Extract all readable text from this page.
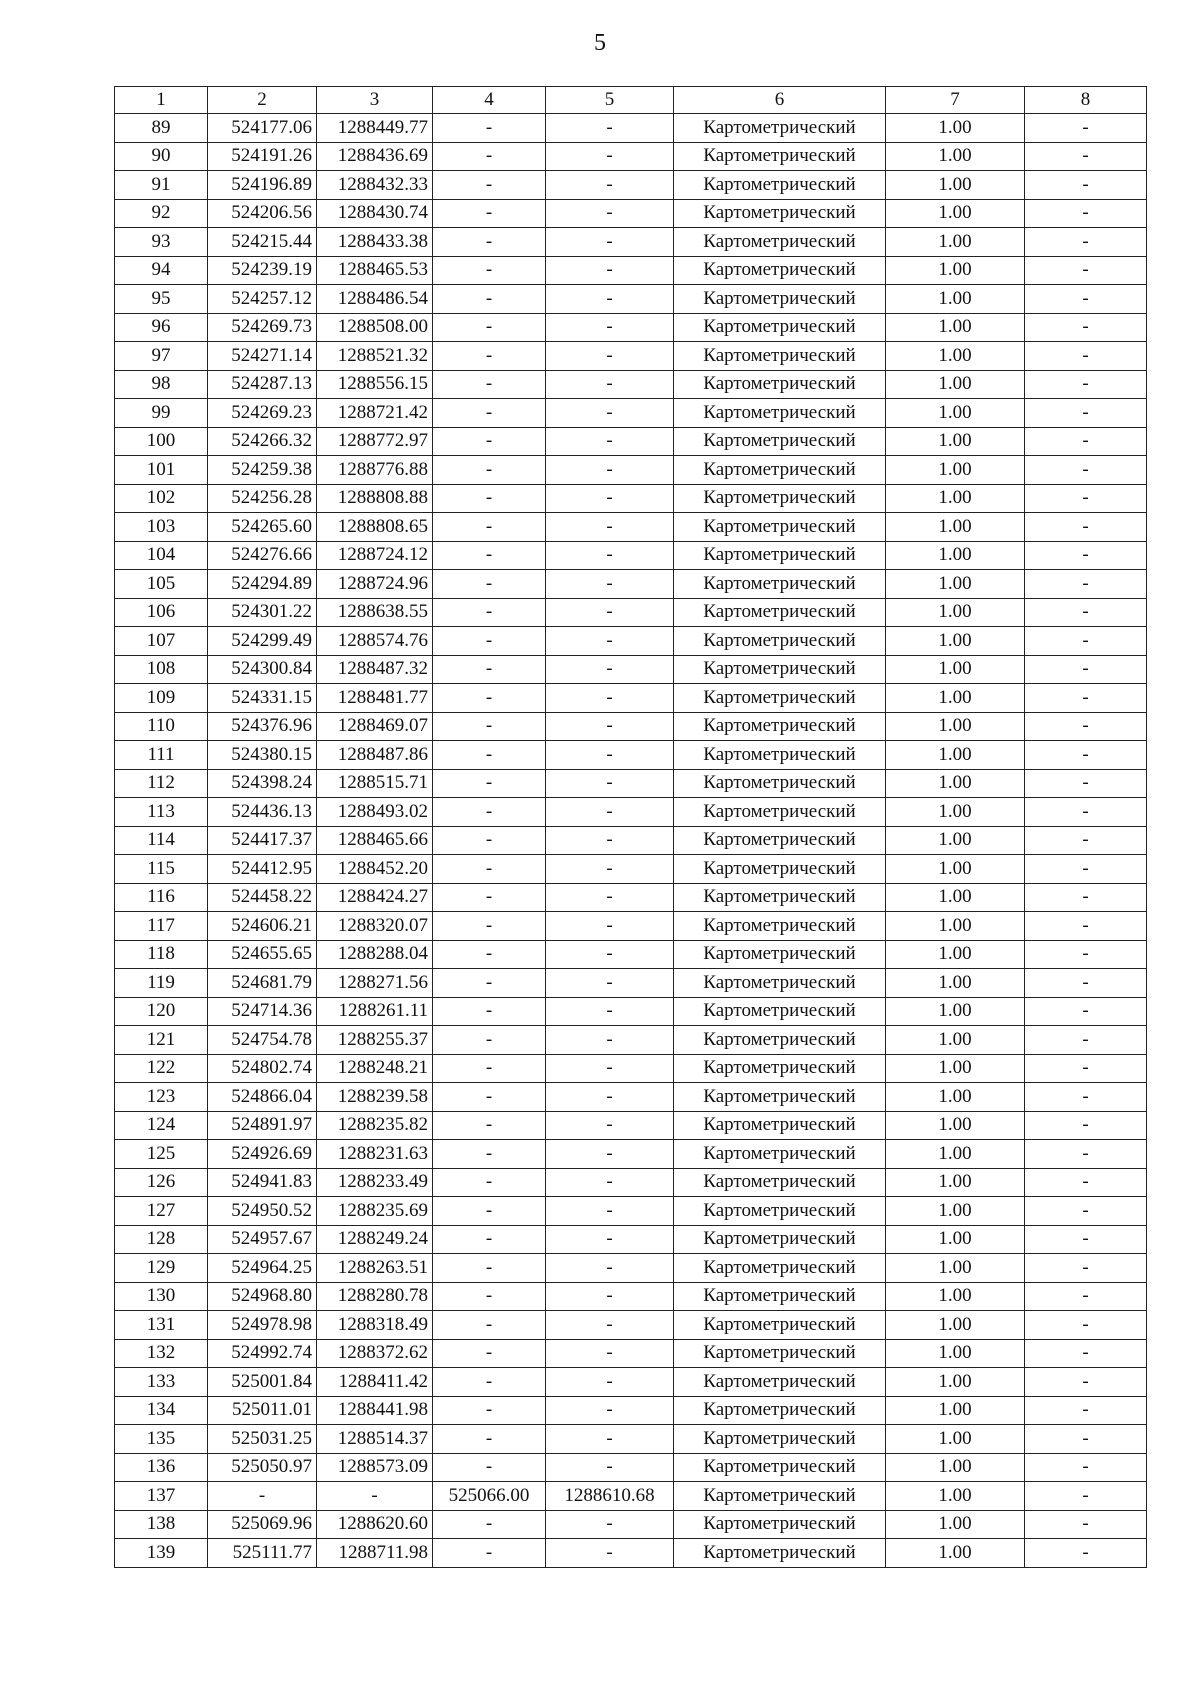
5
1	2	3	4	5	6	7	8
89	524177.06	1288449.77	-	-	Картометрический	1.00	-
90	524191.26	1288436.69	-	-	Картометрический	1.00	-
91	524196.89	1288432.33	-	-	Картометрический	1.00	-
92	524206.56	1288430.74	-	-	Картометрический	1.00	-
93	524215.44	1288433.38	-	-	Картометрический	1.00	-
94	524239.19	1288465.53	-	-	Картометрический	1.00	-
95	524257.12	1288486.54	-	-	Картометрический	1.00	-
96	524269.73	1288508.00	-	-	Картометрический	1.00	-
97	524271.14	1288521.32	-	-	Картометрический	1.00	-
98	524287.13	1288556.15	-	-	Картометрический	1.00	-
99	524269.23	1288721.42	-	-	Картометрический	1.00	-
100	524266.32	1288772.97	-	-	Картометрический	1.00	-
101	524259.38	1288776.88	-	-	Картометрический	1.00	-
102	524256.28	1288808.88	-	-	Картометрический	1.00	-
103	524265.60	1288808.65	-	-	Картометрический	1.00	-
104	524276.66	1288724.12	-	-	Картометрический	1.00	-
105	524294.89	1288724.96	-	-	Картометрический	1.00	-
106	524301.22	1288638.55	-	-	Картометрический	1.00	-
107	524299.49	1288574.76	-	-	Картометрический	1.00	-
108	524300.84	1288487.32	-	-	Картометрический	1.00	-
109	524331.15	1288481.77	-	-	Картометрический	1.00	-
110	524376.96	1288469.07	-	-	Картометрический	1.00	-
111	524380.15	1288487.86	-	-	Картометрический	1.00	-
112	524398.24	1288515.71	-	-	Картометрический	1.00	-
113	524436.13	1288493.02	-	-	Картометрический	1.00	-
114	524417.37	1288465.66	-	-	Картометрический	1.00	-
115	524412.95	1288452.20	-	-	Картометрический	1.00	-
116	524458.22	1288424.27	-	-	Картометрический	1.00	-
117	524606.21	1288320.07	-	-	Картометрический	1.00	-
118	524655.65	1288288.04	-	-	Картометрический	1.00	-
119	524681.79	1288271.56	-	-	Картометрический	1.00	-
120	524714.36	1288261.11	-	-	Картометрический	1.00	-
121	524754.78	1288255.37	-	-	Картометрический	1.00	-
122	524802.74	1288248.21	-	-	Картометрический	1.00	-
123	524866.04	1288239.58	-	-	Картометрический	1.00	-
124	524891.97	1288235.82	-	-	Картометрический	1.00	-
125	524926.69	1288231.63	-	-	Картометрический	1.00	-
126	524941.83	1288233.49	-	-	Картометрический	1.00	-
127	524950.52	1288235.69	-	-	Картометрический	1.00	-
128	524957.67	1288249.24	-	-	Картометрический	1.00	-
129	524964.25	1288263.51	-	-	Картометрический	1.00	-
130	524968.80	1288280.78	-	-	Картометрический	1.00	-
131	524978.98	1288318.49	-	-	Картометрический	1.00	-
132	524992.74	1288372.62	-	-	Картометрический	1.00	-
133	525001.84	1288411.42	-	-	Картометрический	1.00	-
134	525011.01	1288441.98	-	-	Картометрический	1.00	-
135	525031.25	1288514.37	-	-	Картометрический	1.00	-
136	525050.97	1288573.09	-	-	Картометрический	1.00	-
137	-	-	525066.00	1288610.68	Картометрический	1.00	-
138	525069.96	1288620.60	-	-	Картометрический	1.00	-
139	525111.77	1288711.98	-	-	Картометрический	1.00	-
